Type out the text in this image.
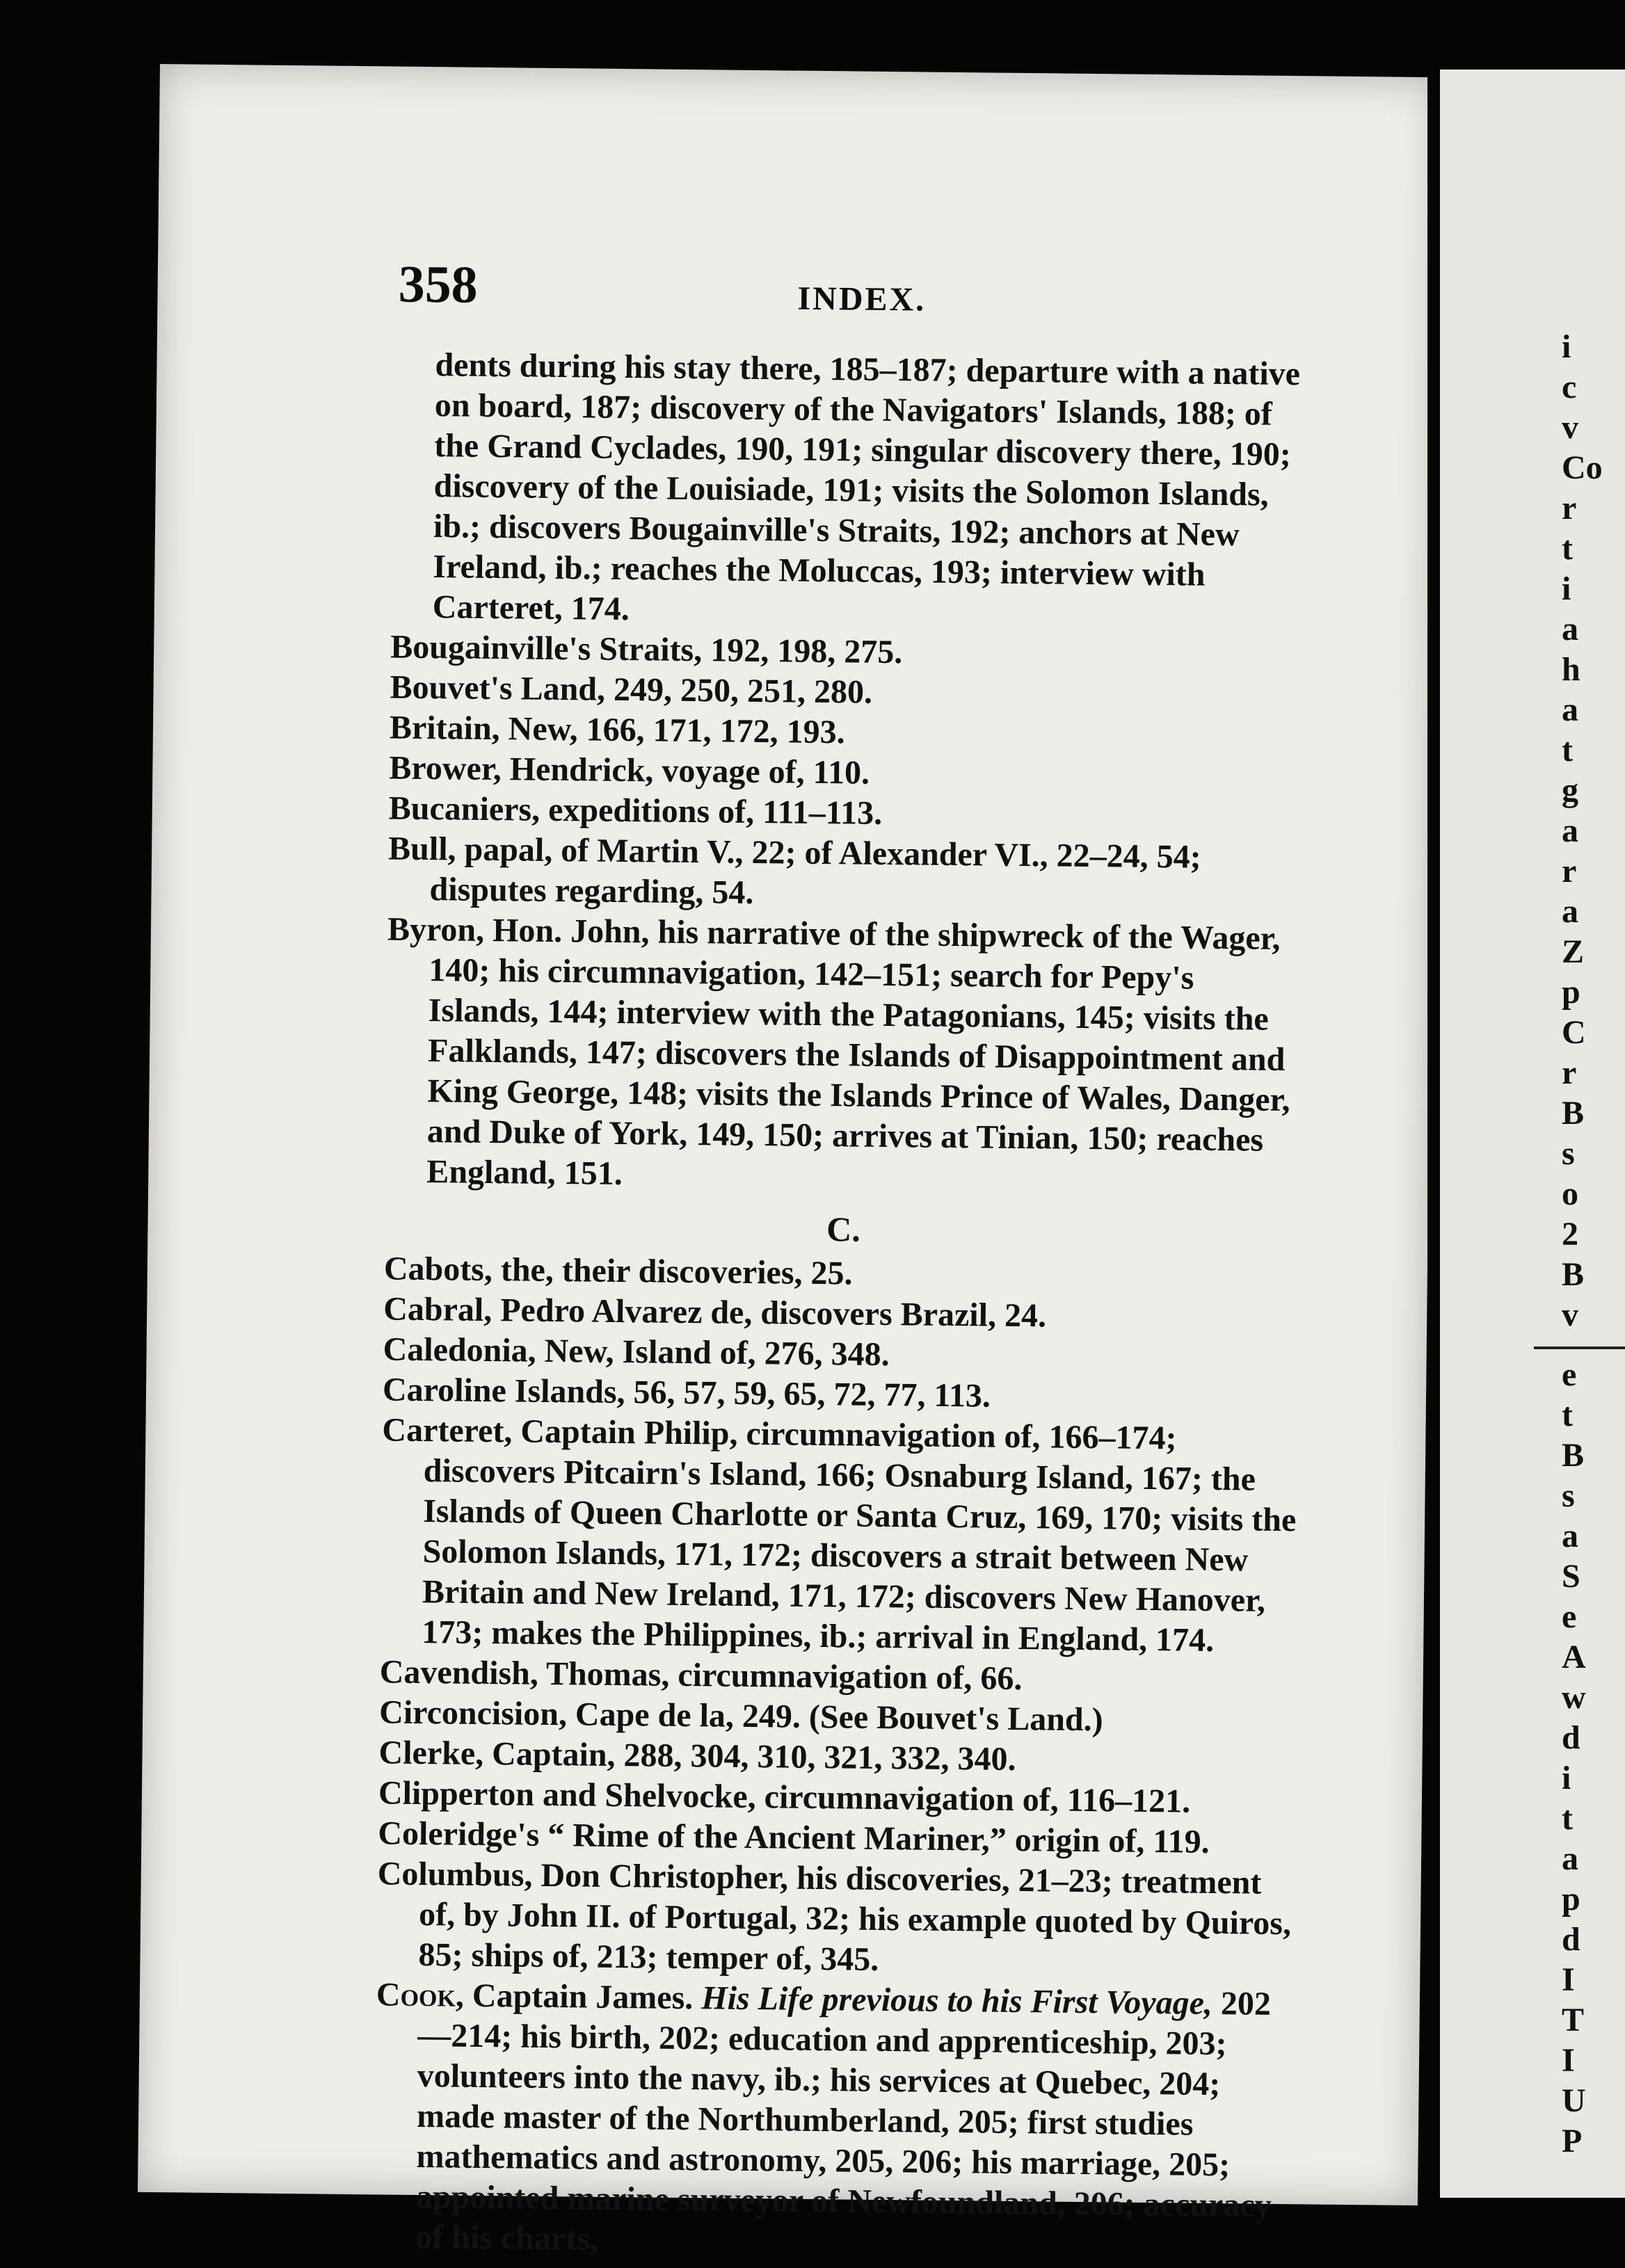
358	INDEX.

dents during his stay there, 185–187; departure with a native on board, 187; discovery of the Navigators' Islands, 188; of the Grand Cyclades, 190, 191; singular discovery there, 190; discovery of the Louisiade, 191; visits the Solomon Islands, ib.; discovers Bougainville's Straits, 192; anchors at New Ireland, ib.; reaches the Moluccas, 193; interview with Carteret, 174.

Bougainville's Straits, 192, 198, 275.

Bouvet's Land, 249, 250, 251, 280.

Britain, New, 166, 171, 172, 193.

Brower, Hendrick, voyage of, 110.

Bucaniers, expeditions of, 111–113.

Bull, papal, of Martin V., 22; of Alexander VI., 22–24, 54; disputes regarding, 54.

Byron, Hon. John, his narrative of the shipwreck of the Wager, 140; his circumnavigation, 142–151; search for Pepy's Islands, 144; interview with the Patagonians, 145; visits the Falklands, 147; discovers the Islands of Disappointment and King George, 148; visits the Islands Prince of Wales, Danger, and Duke of York, 149, 150; arrives at Tinian, 150; reaches England, 151.

C.

Cabots, the, their discoveries, 25.

Cabral, Pedro Alvarez de, discovers Brazil, 24.

Caledonia, New, Island of, 276, 348.

Caroline Islands, 56, 57, 59, 65, 72, 77, 113.

Carteret, Captain Philip, circumnavigation of, 166–174; discovers Pitcairn's Island, 166; Osnaburg Island, 167; the Islands of Queen Charlotte or Santa Cruz, 169, 170; visits the Solomon Islands, 171, 172; discovers a strait between New Britain and New Ireland, 171, 172; discovers New Hanover, 173; makes the Philippines, ib.; arrival in England, 174.

Cavendish, Thomas, circumnavigation of, 66.

Circoncision, Cape de la, 249. (See Bouvet's Land.)

Clerke, Captain, 288, 304, 310, 321, 332, 340.

Clipperton and Shelvocke, circumnavigation of, 116–121.

Coleridge's “ Rime of the Ancient Mariner,” origin of, 119.

Columbus, Don Christopher, his discoveries, 21–23; treatment of, by John II. of Portugal, 32; his example quoted by Quiros, 85; ships of, 213; temper of, 345.

Cook, Captain James. His Life previous to his First Voyage, 202—214; his birth, 202; education and apprenticeship, 203; volunteers into the navy, ib.; his services at Quebec, 204; made master of the Northumberland, 205; first studies mathematics and astronomy, 205, 206; his marriage, 205; appointed marine surveyor of Newfoundland, 206; accuracy of his charts,

i
c
v
Co
r
t
i
a
h
a
t
g
a
r
a
Z
p
C
r
B
s
o
2
B
v
e
t
B
s
a
S
e
A
w
d
i
t
a
p
d
I
T
I
U
P
